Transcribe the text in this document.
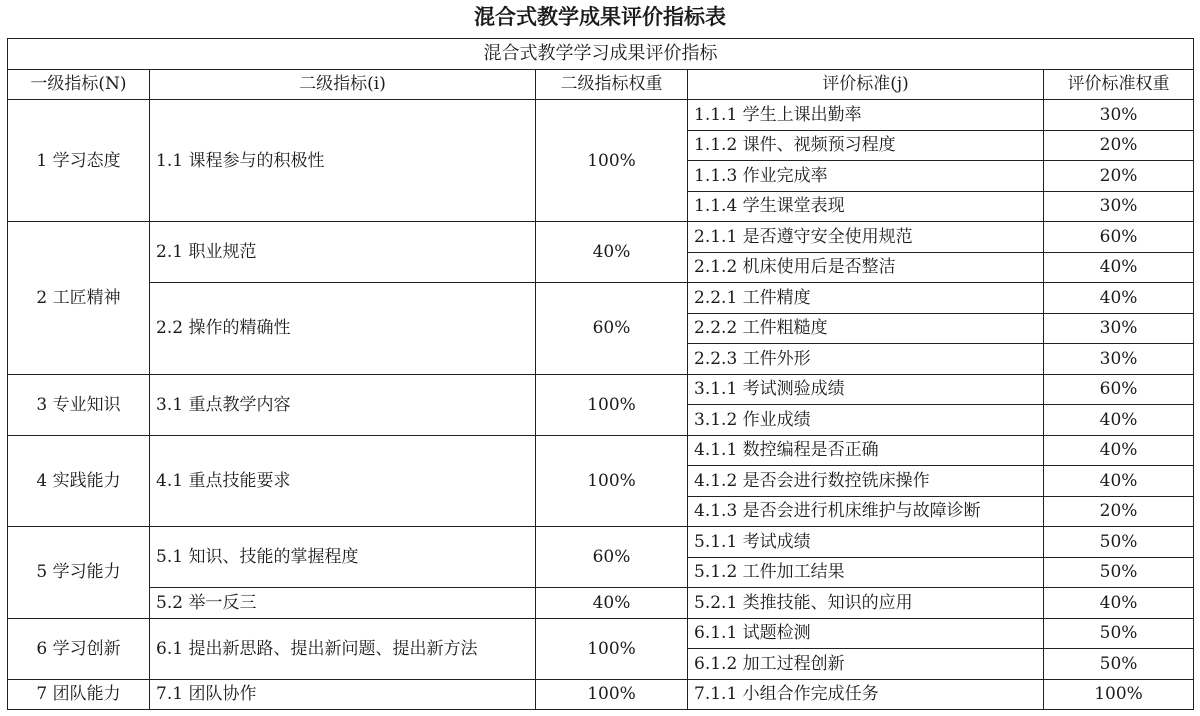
混合式教学成果评价指标表
混合式教学学习成果评价指标				
一级指标(N)	二级指标(i)	二级指标权重	评价标准(j)	评价标准权重
1 学习态度	1.1 课程参与的积极性	100%	1.1.1 学生上课出勤率	30%
			1.1.2 课件、视频预习程度	20%
			1.1.3 作业完成率	20%
			1.1.4 学生课堂表现	30%
2 工匠精神	2.1 职业规范	40%	2.1.1 是否遵守安全使用规范	60%
			2.1.2 机床使用后是否整洁	40%
	2.2 操作的精确性	60%	2.2.1 工件精度	40%
			2.2.2 工件粗糙度	30%
			2.2.3 工件外形	30%
3 专业知识	3.1 重点教学内容	100%	3.1.1 考试测验成绩	60%
			3.1.2 作业成绩	40%
4 实践能力	4.1 重点技能要求	100%	4.1.1 数控编程是否正确	40%
			4.1.2 是否会进行数控铣床操作	40%
			4.1.3 是否会进行机床维护与故障诊断	20%
5 学习能力	5.1 知识、技能的掌握程度	60%	5.1.1 考试成绩	50%
			5.1.2 工件加工结果	50%
	5.2 举一反三	40%	5.2.1 类推技能、知识的应用	40%
6 学习创新	6.1 提出新思路、提出新问题、提出新方法	100%	6.1.1 试题检测	50%
			6.1.2 加工过程创新	50%
7 团队能力	7.1 团队协作	100%	7.1.1 小组合作完成任务	100%
